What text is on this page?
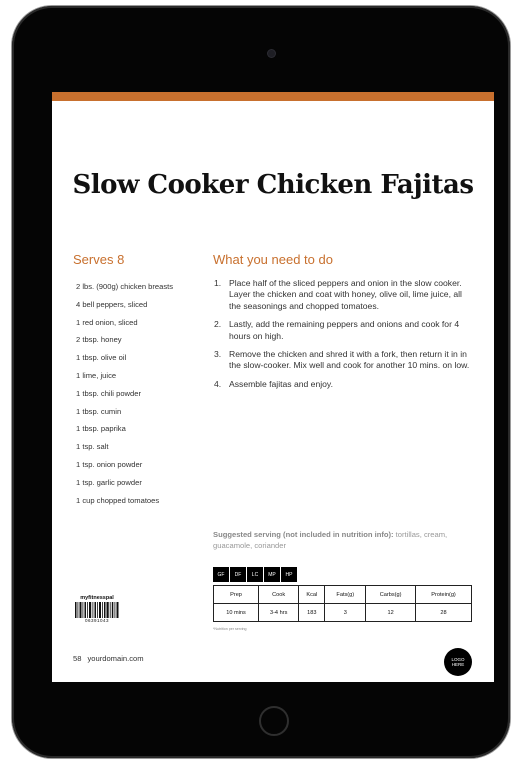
Slow Cooker Chicken Fajitas
Serves 8	What you need to do
2 lbs. (900g) chicken breasts
4 bell peppers, sliced
1 red onion, sliced
2 tbsp. honey
1 tbsp. olive oil
1 lime, juice
1 tbsp. chili powder
1 tbsp. cumin
1 tbsp. paprika
1 tsp. salt
1 tsp. onion powder
1 tsp. garlic powder
1 cup chopped tomatoes
1. Place half of the sliced peppers and onion in the slow cooker. Layer the chicken and coat with honey, olive oil, lime juice, all the seasonings and chopped tomatoes.
2. Lastly, add the remaining peppers and onions and cook for 4 hours on high.
3. Remove the chicken and shred it with a fork, then return it in in the slow-cooker. Mix well and cook for another 10 mins. on low.
4. Assemble fajitas and enjoy.

Suggested serving (not included in nutrition info): tortillas, cream, guacamole, coriander

GF	DF	LC	MP	HP
Prep	Cook	Kcal	Fats(g)	Carbs(g)	Protein(g)
10 mins	3-4 hrs	183	3	12	28
*Nutrition per serving
myfitnesspal
06391043
58 yourdomain.com	LOGO
HERE
